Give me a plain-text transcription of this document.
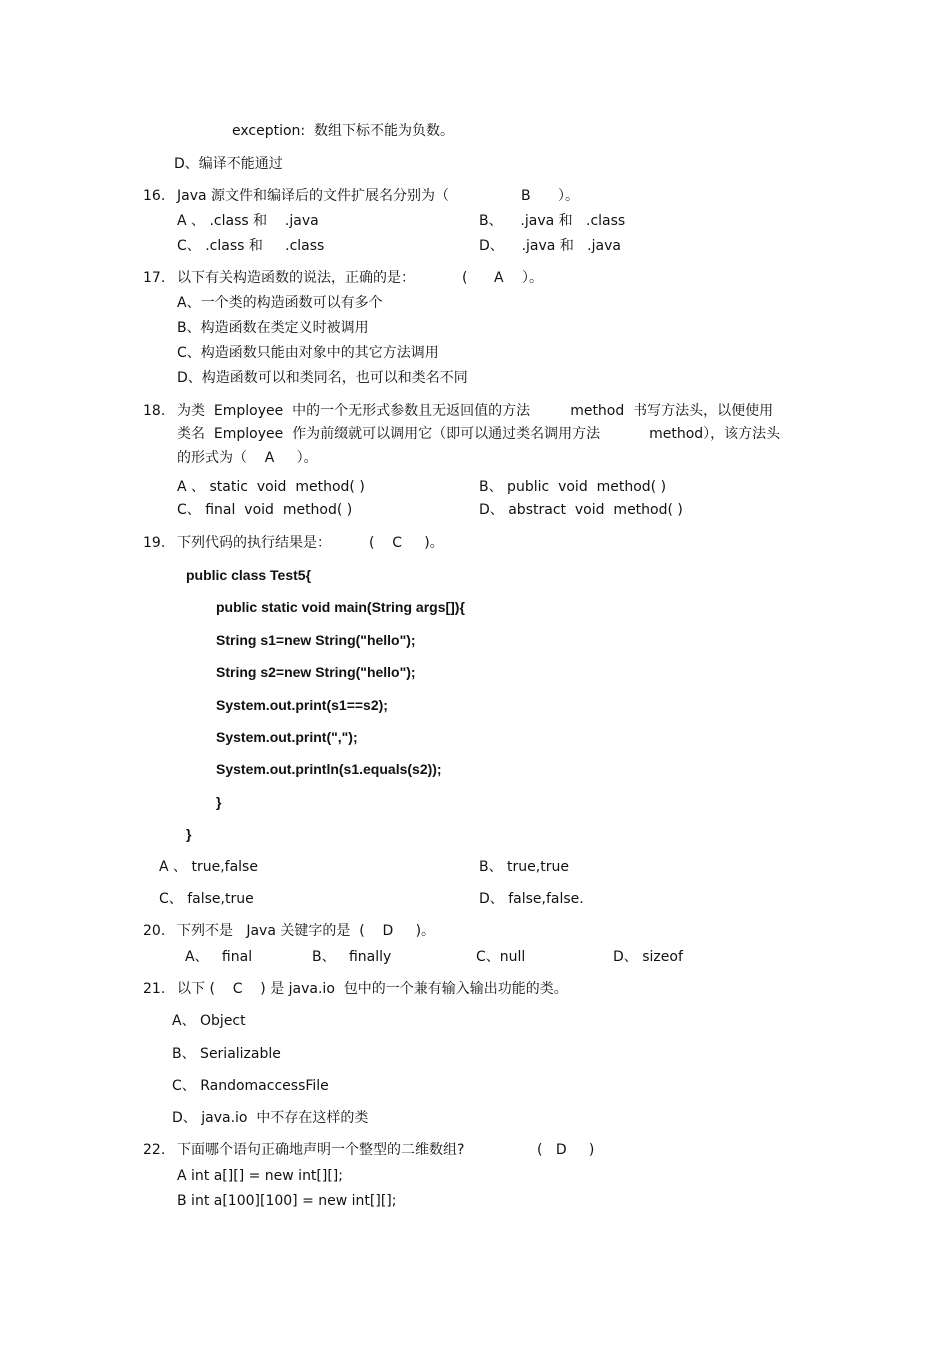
exception:  数组下标不能为负数。
D、编译不能通过
16. Java 源文件和编译后的文件扩展名分别为（	B ）。
A 、 .class 和    .java	B、    .java 和   .class
C、 .class 和     .class	D、    .java 和   .java
17. 以下有关构造函数的说法，正确的是：	( A ）。
A、一个类的构造函数可以有多个
B、构造函数在类定义时被调用
C、构造函数只能由对象中的其它方法调用
D、构造函数可以和类同名，也可以和类名不同
18. 为类  Employee  中的一个无形式参数且无返回值的方法         method  书写方法头，以便使用
类名  Employee  作为前缀就可以调用它（即可以通过类名调用方法           method），该方法头
的形式为（    A     ）。
A 、 static  void  method( )	B、 public  void  method( )
C、 final  void  method( )	D、 abstract  void  method( )
19. 下列代码的执行结果是：	(    C     )。
public class Test5{
public static void main(String args[]){
String s1=new String("hello");
String s2=new String("hello");
System.out.print(s1==s2);
System.out.print(",");
System.out.println(s1.equals(s2));
}
}
A 、 true,false	B、 true,true
C、 false,true	D、 false,false.
20. 下列不是   Java 关键字的是  (    D     )。
A、   final	B、   finally	C、null	D、 sizeof
21. 以下 (    C    ) 是 java.io  包中的一个兼有输入输出功能的类。
A、 Object
B、 Serializable
C、 RandomaccessFile
D、 java.io  中不存在这样的类
22. 下面哪个语句正确地声明一个整型的二维数组?	(   D     )
A int a[][] = new int[][];
B int a[100][100] = new int[][];
